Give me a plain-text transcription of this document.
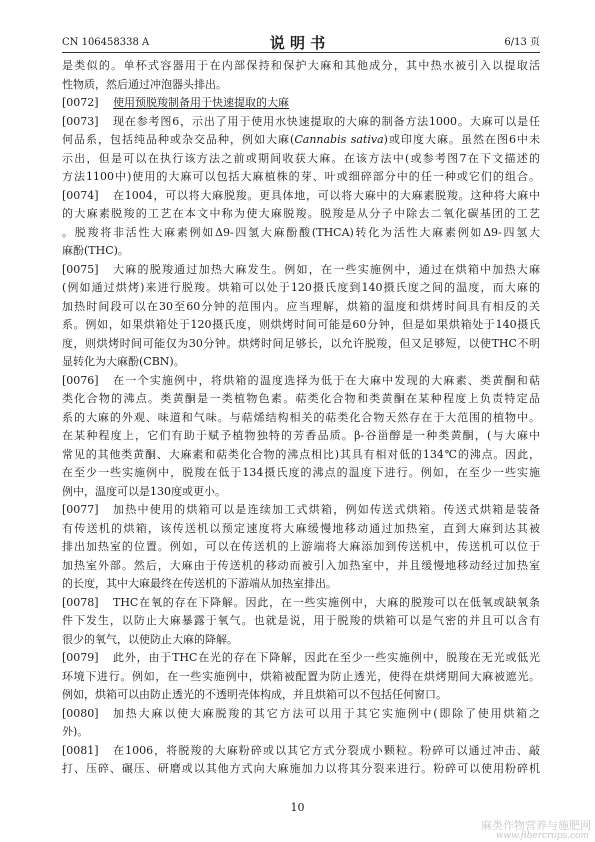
CN 106458338 A	说 明 书	6/13 页
是类似的。单杯式容器用于在内部保持和保护大麻和其他成分，其中热水被引入以提取活
性物质，然后通过冲泡器头排出。
[0072] 使用预脱羧制备用于快速提取的大麻
[0073] 现在参考图6，示出了用于使用水快速提取的大麻的制备方法1000。大麻可以是任
何品系，包括纯品种或杂交品种，例如大麻(Cannabis sativa)或印度大麻。虽然在图6中未
示出，但是可以在执行该方法之前或期间收获大麻。在该方法中(或参考图7在下文描述的
方法1100中)使用的大麻可以包括大麻植株的芽、叶或细碎部分中的任一种或它们的组合。
[0074] 在1004，可以将大麻脱羧。更具体地，可以将大麻中的大麻素脱羧。这种将大麻中
的大麻素脱羧的工艺在本文中称为使大麻脱羧。脱羧是从分子中除去二氧化碳基团的工艺
。脱羧将非活性大麻素例如Δ9-四氢大麻酚酸(THCA)转化为活性大麻素例如Δ9-四氢大
麻酚(THC)。
[0075] 大麻的脱羧通过加热大麻发生。例如，在一些实施例中，通过在烘箱中加热大麻
(例如通过烘烤)来进行脱羧。烘箱可以处于120摄氏度到140摄氏度之间的温度，而大麻的
加热时间段可以在30至60分钟的范围内。应当理解，烘箱的温度和烘烤时间具有相反的关
系。例如，如果烘箱处于120摄氏度，则烘烤时间可能是60分钟，但是如果烘箱处于140摄氏
度，则烘烤时间可能仅为30分钟。烘烤时间足够长，以允许脱羧，但又足够短，以使THC不明
显转化为大麻酚(CBN)。
[0076] 在一个实施例中，将烘箱的温度选择为低于在大麻中发现的大麻素、类黄酮和萜
类化合物的沸点。类黄酮是一类植物色素。萜类化合物和类黄酮在某种程度上负责特定品
系的大麻的外观、味道和气味。与萜烯结构相关的萜类化合物天然存在于大范围的植物中。
在某种程度上，它们有助于赋予植物独特的芳香品质。β-谷甾醇是一种类黄酮，(与大麻中
常见的其他类黄酮、大麻素和萜类化合物的沸点相比)其具有相对低的134℃的沸点。因此，
在至少一些实施例中，脱羧在低于134摄氏度的沸点的温度下进行。例如，在至少一些实施
例中，温度可以是130度或更小。
[0077] 加热中使用的烘箱可以是连续加工式烘箱，例如传送式烘箱。传送式烘箱是装备
有传送机的烘箱，该传送机以预定速度将大麻缓慢地移动通过加热室，直到大麻到达其被
排出加热室的位置。例如，可以在传送机的上游端将大麻添加到传送机中，传送机可以位于
加热室外部。然后，大麻由于传送机的移动而被引入加热室中，并且缓慢地移动经过加热室
的长度，其中大麻最终在传送机的下游端从加热室排出。
[0078] THC在氧的存在下降解。因此，在一些实施例中，大麻的脱羧可以在低氧或缺氧条
件下发生，以防止大麻暴露于氧气。也就是说，用于脱羧的烘箱可以是气密的并且可以含有
很少的氧气，以使防止大麻的降解。
[0079] 此外，由于THC在光的存在下降解，因此在至少一些实施例中，脱羧在无光或低光
环境下进行。例如，在一些实施例中，烘箱被配置为防止透光，使得在烘烤期间大麻被遮光。
例如，烘箱可以由防止透光的不透明壳体构成，并且烘箱可以不包括任何窗口。
[0080] 加热大麻以使大麻脱羧的其它方法可以用于其它实施例中(即除了使用烘箱之
外)。
[0081] 在1006，将脱羧的大麻粉碎或以其它方式分裂成小颗粒。粉碎可以通过冲击、敲
打、压碎、碾压、研磨或以其他方式向大麻施加力以将其分裂来进行。粉碎可以使用粉碎机
10
麻类作物营养与施肥网
www.fibercrops.com
